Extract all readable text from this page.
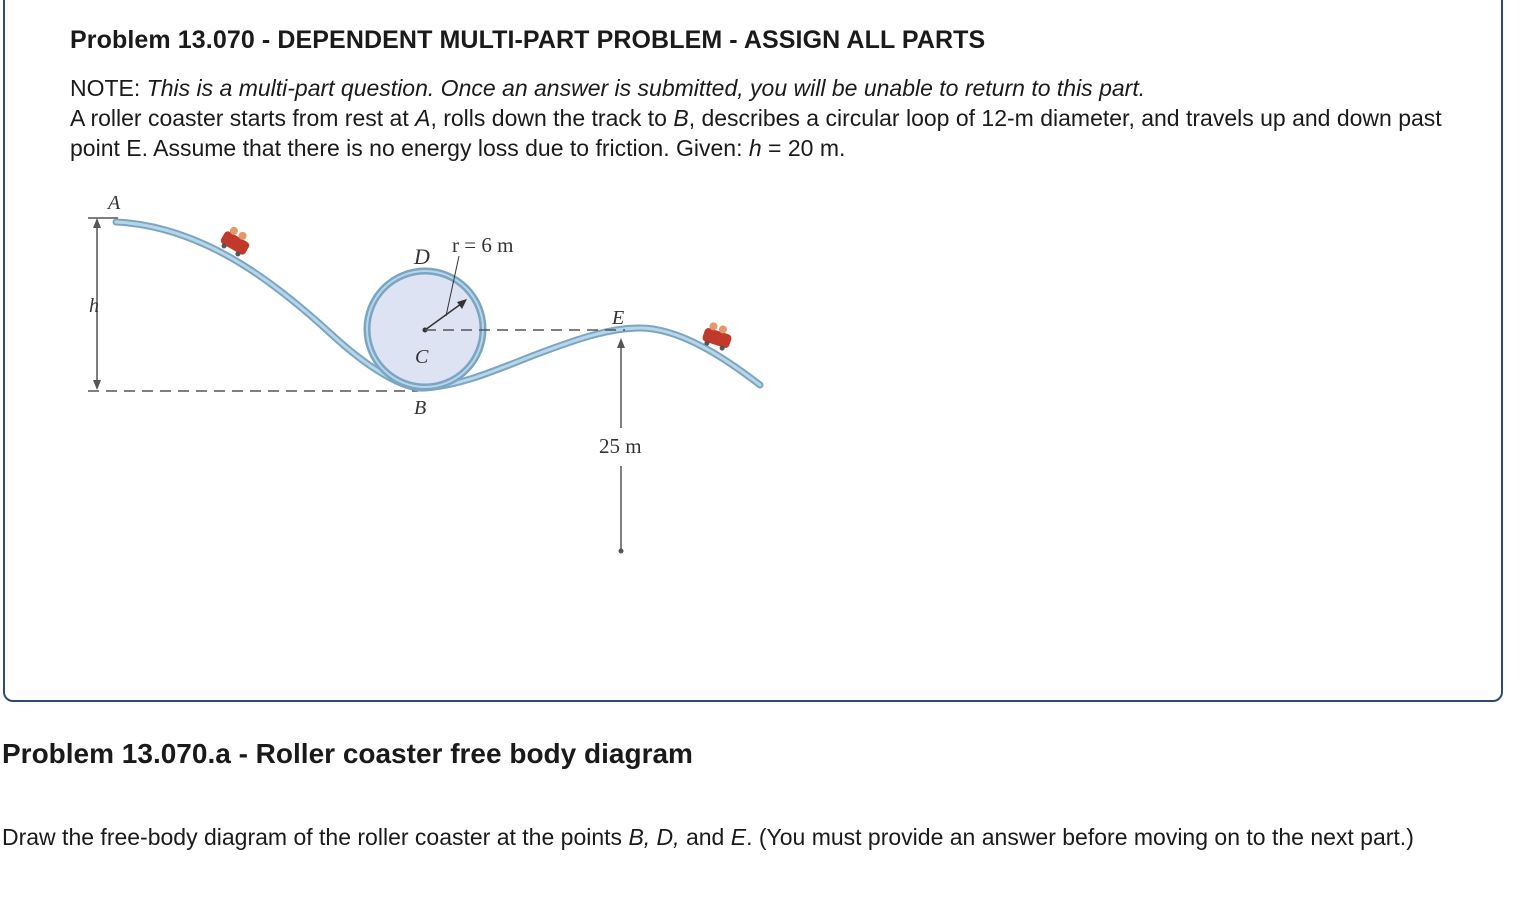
Problem 13.070 - DEPENDENT MULTI-PART PROBLEM - ASSIGN ALL PARTS

NOTE: This is a multi-part question. Once an answer is submitted, you will be unable to return to this part.
A roller coaster starts from rest at A, rolls down the track to B, describes a circular loop of 12-m diameter, and travels up and down past point E. Assume that there is no energy loss due to friction. Given: h = 20 m.

A
h
D r = 6 m
C
B
E
25 m
Problem 13.070.a - Roller coaster free body diagram

Draw the free-body diagram of the roller coaster at the points B, D, and E. (You must provide an answer before moving on to the next part.)
